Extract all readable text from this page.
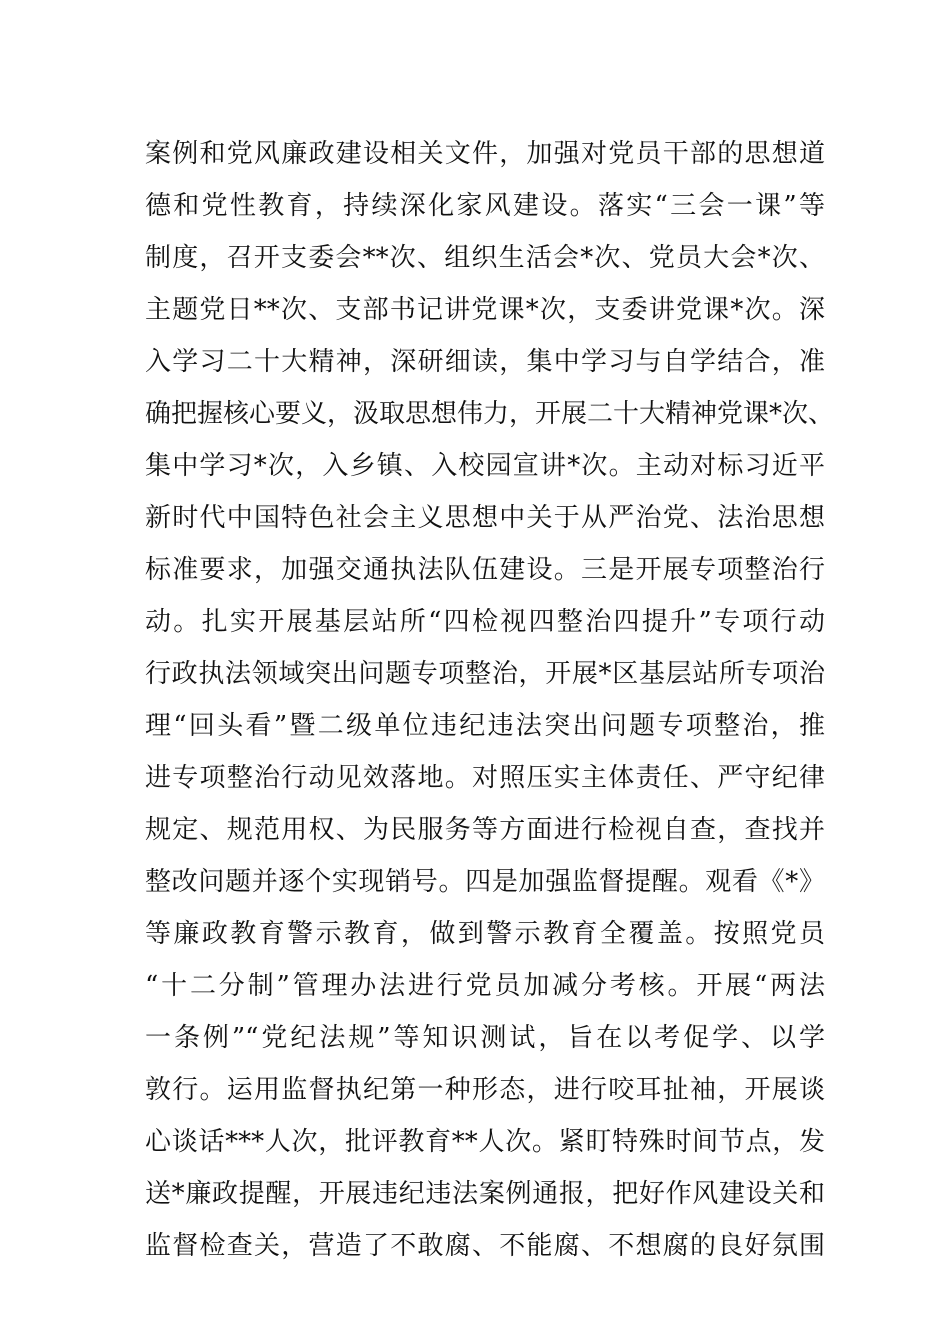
案例和党风廉政建设相关文件，加强对党员干部的思想道
德和党性教育，持续深化家风建设。落实“三会一课”等
制度，召开支委会**次、组织生活会*次、党员大会*次、
主题党日**次、支部书记讲党课*次，支委讲党课*次。深
入学习二十大精神，深研细读，集中学习与自学结合，准
确把握核心要义，汲取思想伟力，开展二十大精神党课*次、
集中学习*次，入乡镇、入校园宣讲*次。主动对标习近平
新时代中国特色社会主义思想中关于从严治党、法治思想
标准要求，加强交通执法队伍建设。三是开展专项整治行
动。扎实开展基层站所“四检视四整治四提升”专项行动
行政执法领域突出问题专项整治，开展*区基层站所专项治
理“回头看”暨二级单位违纪违法突出问题专项整治，推
进专项整治行动见效落地。对照压实主体责任、严守纪律
规定、规范用权、为民服务等方面进行检视自查，查找并
整改问题并逐个实现销号。四是加强监督提醒。观看《*》
等廉政教育警示教育，做到警示教育全覆盖。按照党员
“十二分制”管理办法进行党员加减分考核。开展“两法
一条例”“党纪法规”等知识测试，旨在以考促学、以学
敦行。运用监督执纪第一种形态，进行咬耳扯袖，开展谈
心谈话***人次，批评教育**人次。紧盯特殊时间节点，发
送*廉政提醒，开展违纪违法案例通报，把好作风建设关和
监督检查关，营造了不敢腐、不能腐、不想腐的良好氛围
